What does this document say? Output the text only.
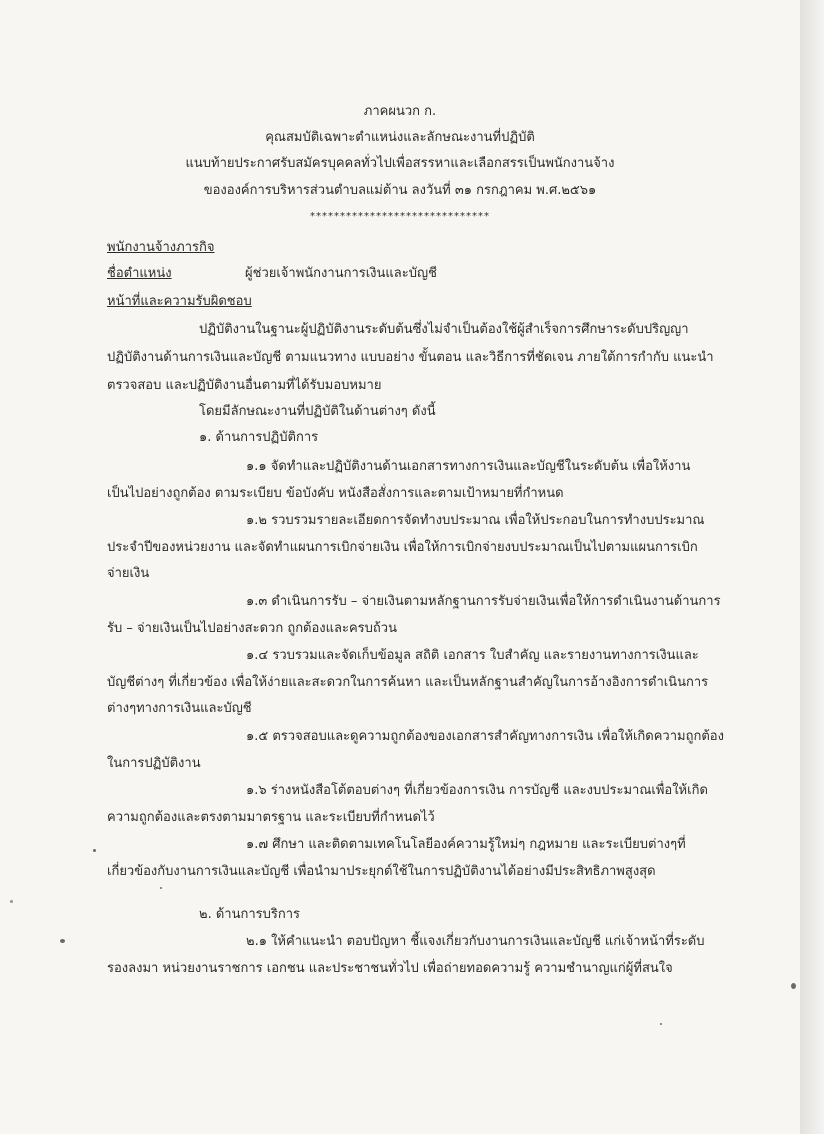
ภาคผนวก ก.
คุณสมบัติเฉพาะตำแหน่งและลักษณะงานที่ปฏิบัติ
แนบท้ายประกาศรับสมัครบุคคลทั่วไปเพื่อสรรหาและเลือกสรรเป็นพนักงานจ้าง
ขององค์การบริหารส่วนตำบลแม่ต้าน ลงวันที่ ๓๑ กรกฎาคม พ.ศ.๒๕๖๑
******************************
พนักงานจ้างภารกิจ
ชื่อตำแหน่ง	ผู้ช่วยเจ้าพนักงานการเงินและบัญชี
หน้าที่และความรับผิดชอบ
ปฏิบัติงานในฐานะผู้ปฏิบัติงานระดับต้นซึ่งไม่จำเป็นต้องใช้ผู้สำเร็จการศึกษาระดับปริญญา
ปฏิบัติงานด้านการเงินและบัญชี ตามแนวทาง แบบอย่าง ขั้นตอน และวิธีการที่ชัดเจน ภายใต้การกำกับ แนะนำ
ตรวจสอบ และปฏิบัติงานอื่นตามที่ได้รับมอบหมาย
โดยมีลักษณะงานที่ปฏิบัติในด้านต่างๆ ดังนี้
๑. ด้านการปฏิบัติการ
๑.๑ จัดทำและปฏิบัติงานด้านเอกสารทางการเงินและบัญชีในระดับต้น เพื่อให้งาน
เป็นไปอย่างถูกต้อง ตามระเบียบ ข้อบังคับ หนังสือสั่งการและตามเป้าหมายที่กำหนด
๑.๒ รวบรวมรายละเอียดการจัดทำงบประมาณ เพื่อให้ประกอบในการทำงบประมาณ
ประจำปีของหน่วยงาน และจัดทำแผนการเบิกจ่ายเงิน เพื่อให้การเบิกจ่ายงบประมาณเป็นไปตามแผนการเบิก
จ่ายเงิน
๑.๓ ดำเนินการรับ – จ่ายเงินตามหลักฐานการรับจ่ายเงินเพื่อให้การดำเนินงานด้านการ
รับ – จ่ายเงินเป็นไปอย่างสะดวก ถูกต้องและครบถ้วน
๑.๔ รวบรวมและจัดเก็บข้อมูล สถิติ เอกสาร ใบสำคัญ และรายงานทางการเงินและ
บัญชีต่างๆ ที่เกี่ยวข้อง เพื่อให้ง่ายและสะดวกในการค้นหา และเป็นหลักฐานสำคัญในการอ้างอิงการดำเนินการ
ต่างๆทางการเงินและบัญชี
๑.๕ ตรวจสอบและดูความถูกต้องของเอกสารสำคัญทางการเงิน เพื่อให้เกิดความถูกต้อง
ในการปฏิบัติงาน
๑.๖ ร่างหนังสือโต้ตอบต่างๆ ที่เกี่ยวข้องการเงิน การบัญชี และงบประมาณเพื่อให้เกิด
ความถูกต้องและตรงตามมาตรฐาน และระเบียบที่กำหนดไว้
๑.๗ ศึกษา และติดตามเทคโนโลยีองค์ความรู้ใหม่ๆ กฎหมาย และระเบียบต่างๆที่
เกี่ยวข้องกับงานการเงินและบัญชี เพื่อนำมาประยุกต์ใช้ในการปฏิบัติงานได้อย่างมีประสิทธิภาพสูงสุด
๒. ด้านการบริการ
๒.๑ ให้คำแนะนำ ตอบปัญหา ชี้แจงเกี่ยวกับงานการเงินและบัญชี แก่เจ้าหน้าที่ระดับ
รองลงมา หน่วยงานราชการ เอกชน และประชาชนทั่วไป เพื่อถ่ายทอดความรู้ ความชำนาญแก่ผู้ที่สนใจ
